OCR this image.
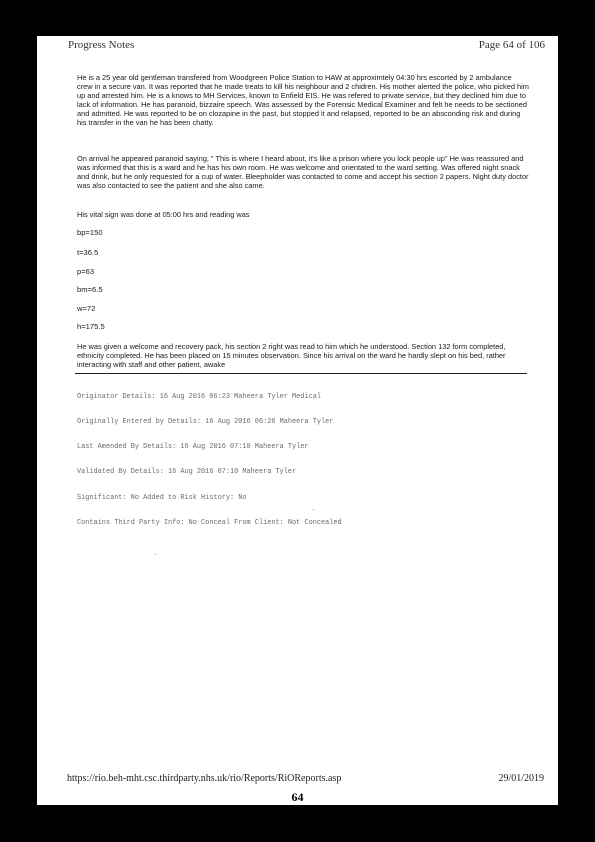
Progress Notes	Page 64 of 106

He is a 25 year old gentleman transfered from Woodgreen Police Station to HAW at approximtely 04:30 hrs escorted by 2 ambulance crew in a secure van. It was reported that he made treats to kill his neighbour and 2 chidren. His mother alerted the police, who picked him up and arrested him. He is a knows to MH Services, known to Enfield EIS. He was refered to private service, but they declined him due to lack of information. He has paranoid, bizzaire speech. Was assessed by the Forensic Medical Examiner and felt he needs to be sectioned and admitted. He was reported to be on clozapine in the past, but stopped it and relapsed, reported to be an absconding risk and during his transfer in the van he has been chatty.

On arrival he appeared paranoid saying, " This is where I heard about, it's like a prison where you lock people up" He was reassured and was informed that this is a ward and he has his own room. He was welcome and orientated to the ward setting. Was offered night snack and drink, but he only requested for a cup of water. Bleepholder was contacted to come and accept his section 2 papers. Night duty doctor was also contacted to see the patient and she also came.

His vital sign was done at 05:00 hrs and reading was

bp=150

t=36.5

p=63

bm=6.5

w=72

h=175.5

He was given a welcome and recovery pack, his section 2 right was read to him which he understood. Section 132 form completed, ethnicity completed. He has been placed on 15 minutes observation. Since his arrival on the ward he hardly slept on his bed, rather interacting with staff and other patient, awake

Originator Details: 16 Aug 2016 06:23 Maheera Tyler Medical

Originally Entered by Details: 16 Aug 2016 06:26 Maheera Tyler

Last Amended By Details: 16 Aug 2016 07:10 Maheera Tyler

Validated By Details: 16 Aug 2016 07:10 Maheera Tyler

Significant: No Added to Risk History: No

Contains Third Party Info: No Conceal From Client: Not Concealed

https://rio.beh-mht.csc.thirdparty.nhs.uk/rio/Reports/RiOReports.asp	29/01/2019
64
